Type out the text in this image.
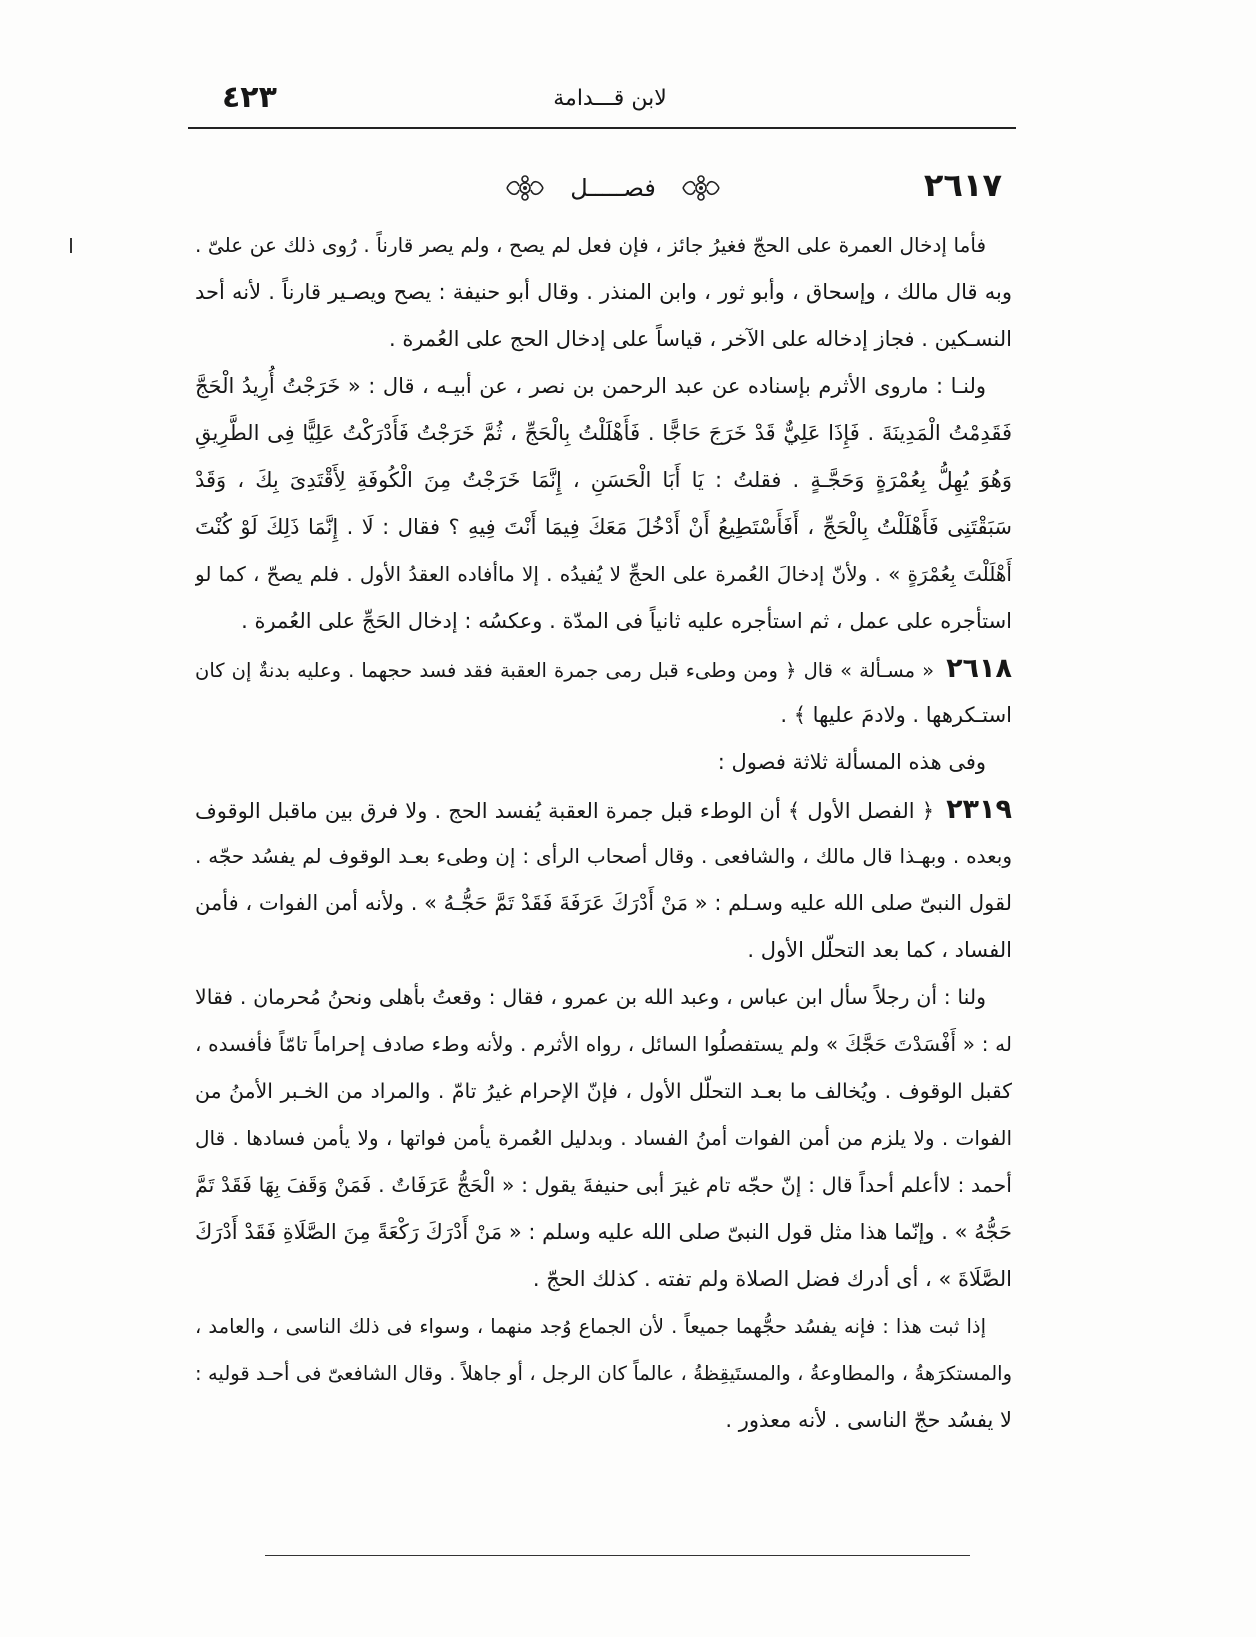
٤٢٣	لابن قـــدامة
٢٦١٧
فصـــــل
فأما إدخال العمرة على الحجّ فغيرُ جائز ، فإن فعل لم يصح ، ولم يصر قارناً . رُوى ذلك عن علىّ .
وبه قال مالك ، وإسحاق ، وأبو ثور ، وابن المنذر . وقال أبو حنيفة : يصح ويصـير قارناً . لأنه أحد
النسـكين . فجاز إدخاله على الآخر ، قياساً على إدخال الحج على العُمرة .
ولنـا : ماروى الأثرم بإسناده عن عبد الرحمن بن نصر ، عن أبيـه ، قال : « خَرَجْتُ أُرِيدُ الْحَجَّ
فَقَدِمْتُ الْمَدِينَةَ . فَإِذَا عَلِيٌّ قَدْ خَرَجَ حَاجًّا . فَأَهْلَلْتُ بِالْحَجِّ ، ثُمَّ خَرَجْتُ فَأَدْرَكْتُ عَلِيًّا فِى الطَّرِيقِ
وَهُوَ يُهِلُّ بِعُمْرَةٍ وَحَجَّـةٍ . فقلتُ : يَا أَبَا الْحَسَنِ ، إِنَّمَا خَرَجْتُ مِنَ الْكُوفَةِ لِأَقْتَدِىَ بِكَ ، وَقَدْ
سَبَقْتَنِى فَأَهْلَلْتُ بِالْحَجِّ ، أَفَأَسْتَطِيعُ أَنْ أَدْخُلَ مَعَكَ فِيمَا أَنْتَ فِيهِ ؟ فقال : لَا . إِنَّمَا ذَلِكَ لَوْ كُنْتَ
أَهْلَلْتَ بِعُمْرَةٍ » . ولأنّ إدخالَ العُمرة على الحجِّ لا يُفيدُه . إلا ماأفاده العقدُ الأول . فلم يصحّ ، كما لو
استأجره على عمل ، ثم استأجره عليه ثانياً فى المدّة . وعكسُه : إدخال الحَجِّ على العُمرة .
٢٦١٨« مسـألة » قال ﴿ ومن وطىء قبل رمى جمرة العقبة فقد فسد حجهما . وعليه بدنةٌ إن كان
استـكرهها . ولادمَ عليها ﴾ .
وفى هذه المسألة ثلاثة فصول :
٢٣١٩﴿ الفصل الأول ﴾ أن الوطء قبل جمرة العقبة يُفسد الحج . ولا فرق بين ماقبل الوقوف
وبعده . وبهـذا قال مالك ، والشافعى . وقال أصحاب الرأى : إن وطىء بعـد الوقوف لم يفسُد حجّه .
لقول النبىّ صلى الله عليه وسـلم : « مَنْ أَدْرَكَ عَرَفَةَ فَقَدْ تَمَّ حَجُّـهُ » . ولأنه أمن الفوات ، فأمن
الفساد ، كما بعد التحلّل الأول .
ولنا : أن رجلاً سأل ابن عباس ، وعبد الله بن عمرو ، فقال : وقعتُ بأهلى ونحنُ مُحرمان . فقالا
له : « أَفْسَدْتَ حَجَّكَ » ولم يستفصلُوا السائل ، رواه الأثرم . ولأنه وطء صادف إحراماً تامّاً فأفسده ،
كقبل الوقوف . ويُخالف ما بعـد التحلّل الأول ، فإنّ الإحرام غيرُ تامّ . والمراد من الخـبر الأمنُ من
الفوات . ولا يلزم من أمن الفوات أمنُ الفساد . وبدليل العُمرة يأمن فواتها ، ولا يأمن فسادها . قال
أحمد : لاأعلم أحداً قال : إنّ حجّه تام غيرَ أبى حنيفةَ يقول : « الْحَجُّ عَرَفَاتٌ . فَمَنْ وَقَفَ بِهَا فَقَدْ تَمَّ
حَجُّهُ » . وإنّما هذا مثل قول النبىّ صلى الله عليه وسلم : « مَنْ أَدْرَكَ رَكْعَةً مِنَ الصَّلَاةِ فَقَدْ أَدْرَكَ
الصَّلَاةَ » ، أى أدرك فضل الصلاة ولم تفته . كذلك الحجّ .
إذا ثبت هذا : فإنه يفسُد حجُّهما جميعاً . لأن الجماع وُجد منهما ، وسواء فى ذلك الناسى ، والعامد ،
والمستكرَهةُ ، والمطاوعةُ ، والمستَيقِظةُ ، عالماً كان الرجل ، أو جاهلاً . وقال الشافعىّ فى أحـد قوليه :
لا يفسُد حجّ الناسى . لأنه معذور .
